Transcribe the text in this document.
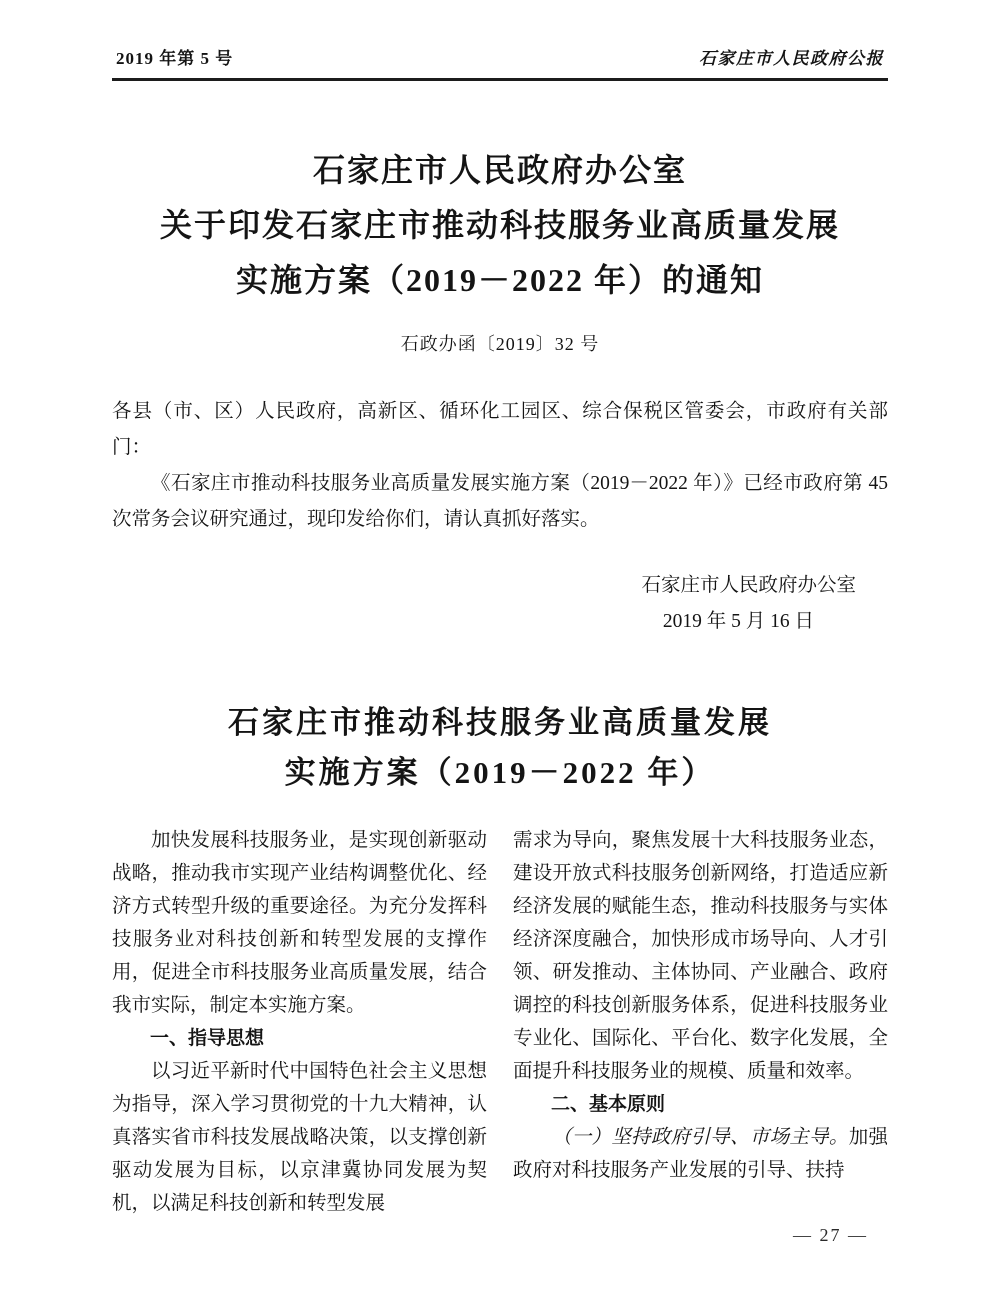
2019 年第 5 号	石家庄市人民政府公报
石家庄市人民政府办公室
关于印发石家庄市推动科技服务业高质量发展
实施方案（2019－2022 年）的通知
石政办函〔2019〕32 号

各县（市、区）人民政府，高新区、循环化工园区、综合保税区管委会，市政府有关部门：

《石家庄市推动科技服务业高质量发展实施方案（2019－2022 年）》已经市政府第 45 次常务会议研究通过，现印发给你们，请认真抓好落实。

石家庄市人民政府办公室
2019 年 5 月 16 日
石家庄市推动科技服务业高质量发展
实施方案（2019－2022 年）

加快发展科技服务业，是实现创新驱动战略，推动我市实现产业结构调整优化、经济方式转型升级的重要途径。为充分发挥科技服务业对科技创新和转型发展的支撑作用，促进全市科技服务业高质量发展，结合我市实际，制定本实施方案。

一、指导思想

以习近平新时代中国特色社会主义思想为指导，深入学习贯彻党的十九大精神，认真落实省市科技发展战略决策，以支撑创新驱动发展为目标，以京津冀协同发展为契机，以满足科技创新和转型发展

需求为导向，聚焦发展十大科技服务业态，建设开放式科技服务创新网络，打造适应新经济发展的赋能生态，推动科技服务与实体经济深度融合，加快形成市场导向、人才引领、研发推动、主体协同、产业融合、政府调控的科技创新服务体系，促进科技服务业专业化、国际化、平台化、数字化发展，全面提升科技服务业的规模、质量和效率。

二、基本原则

（一）坚持政府引导、市场主导。加强政府对科技服务产业发展的引导、扶持

— 27 —
